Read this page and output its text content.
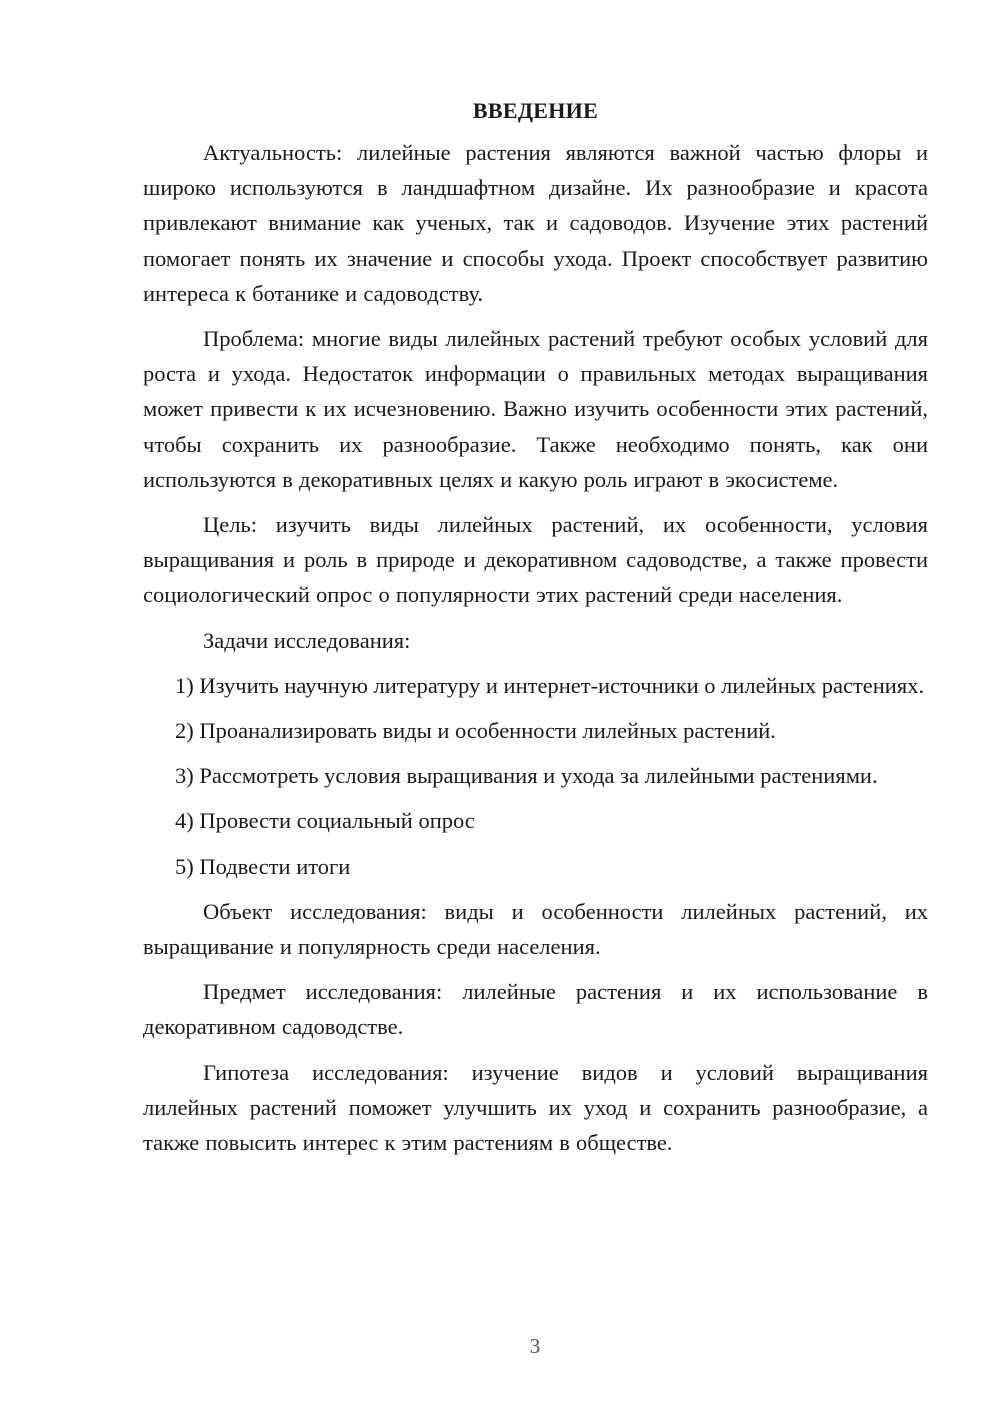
ВВЕДЕНИЕ

Актуальность: лилейные растения являются важной частью флоры и широко используются в ландшафтном дизайне. Их разнообразие и красота привлекают внимание как ученых, так и садоводов. Изучение этих растений помогает понять их значение и способы ухода. Проект способствует развитию интереса к ботанике и садоводству.

Проблема: многие виды лилейных растений требуют особых условий для роста и ухода. Недостаток информации о правильных методах выращивания может привести к их исчезновению. Важно изучить особенности этих растений, чтобы сохранить их разнообразие. Также необходимо понять, как они используются в декоративных целях и какую роль играют в экосистеме.

Цель: изучить виды лилейных растений, их особенности, условия выращивания и роль в природе и декоративном садоводстве, а также провести социологический опрос о популярности этих растений среди населения.

Задачи исследования:

1) Изучить научную литературу и интернет-источники о лилейных растениях.

2) Проанализировать виды и особенности лилейных растений.

3) Рассмотреть условия выращивания и ухода за лилейными растениями.

4) Провести социальный опрос

5) Подвести итоги

Объект исследования: виды и особенности лилейных растений, их выращивание и популярность среди населения.

Предмет исследования: лилейные растения и их использование в декоративном садоводстве.

Гипотеза исследования: изучение видов и условий выращивания лилейных растений поможет улучшить их уход и сохранить разнообразие, а также повысить интерес к этим растениям в обществе.

3
